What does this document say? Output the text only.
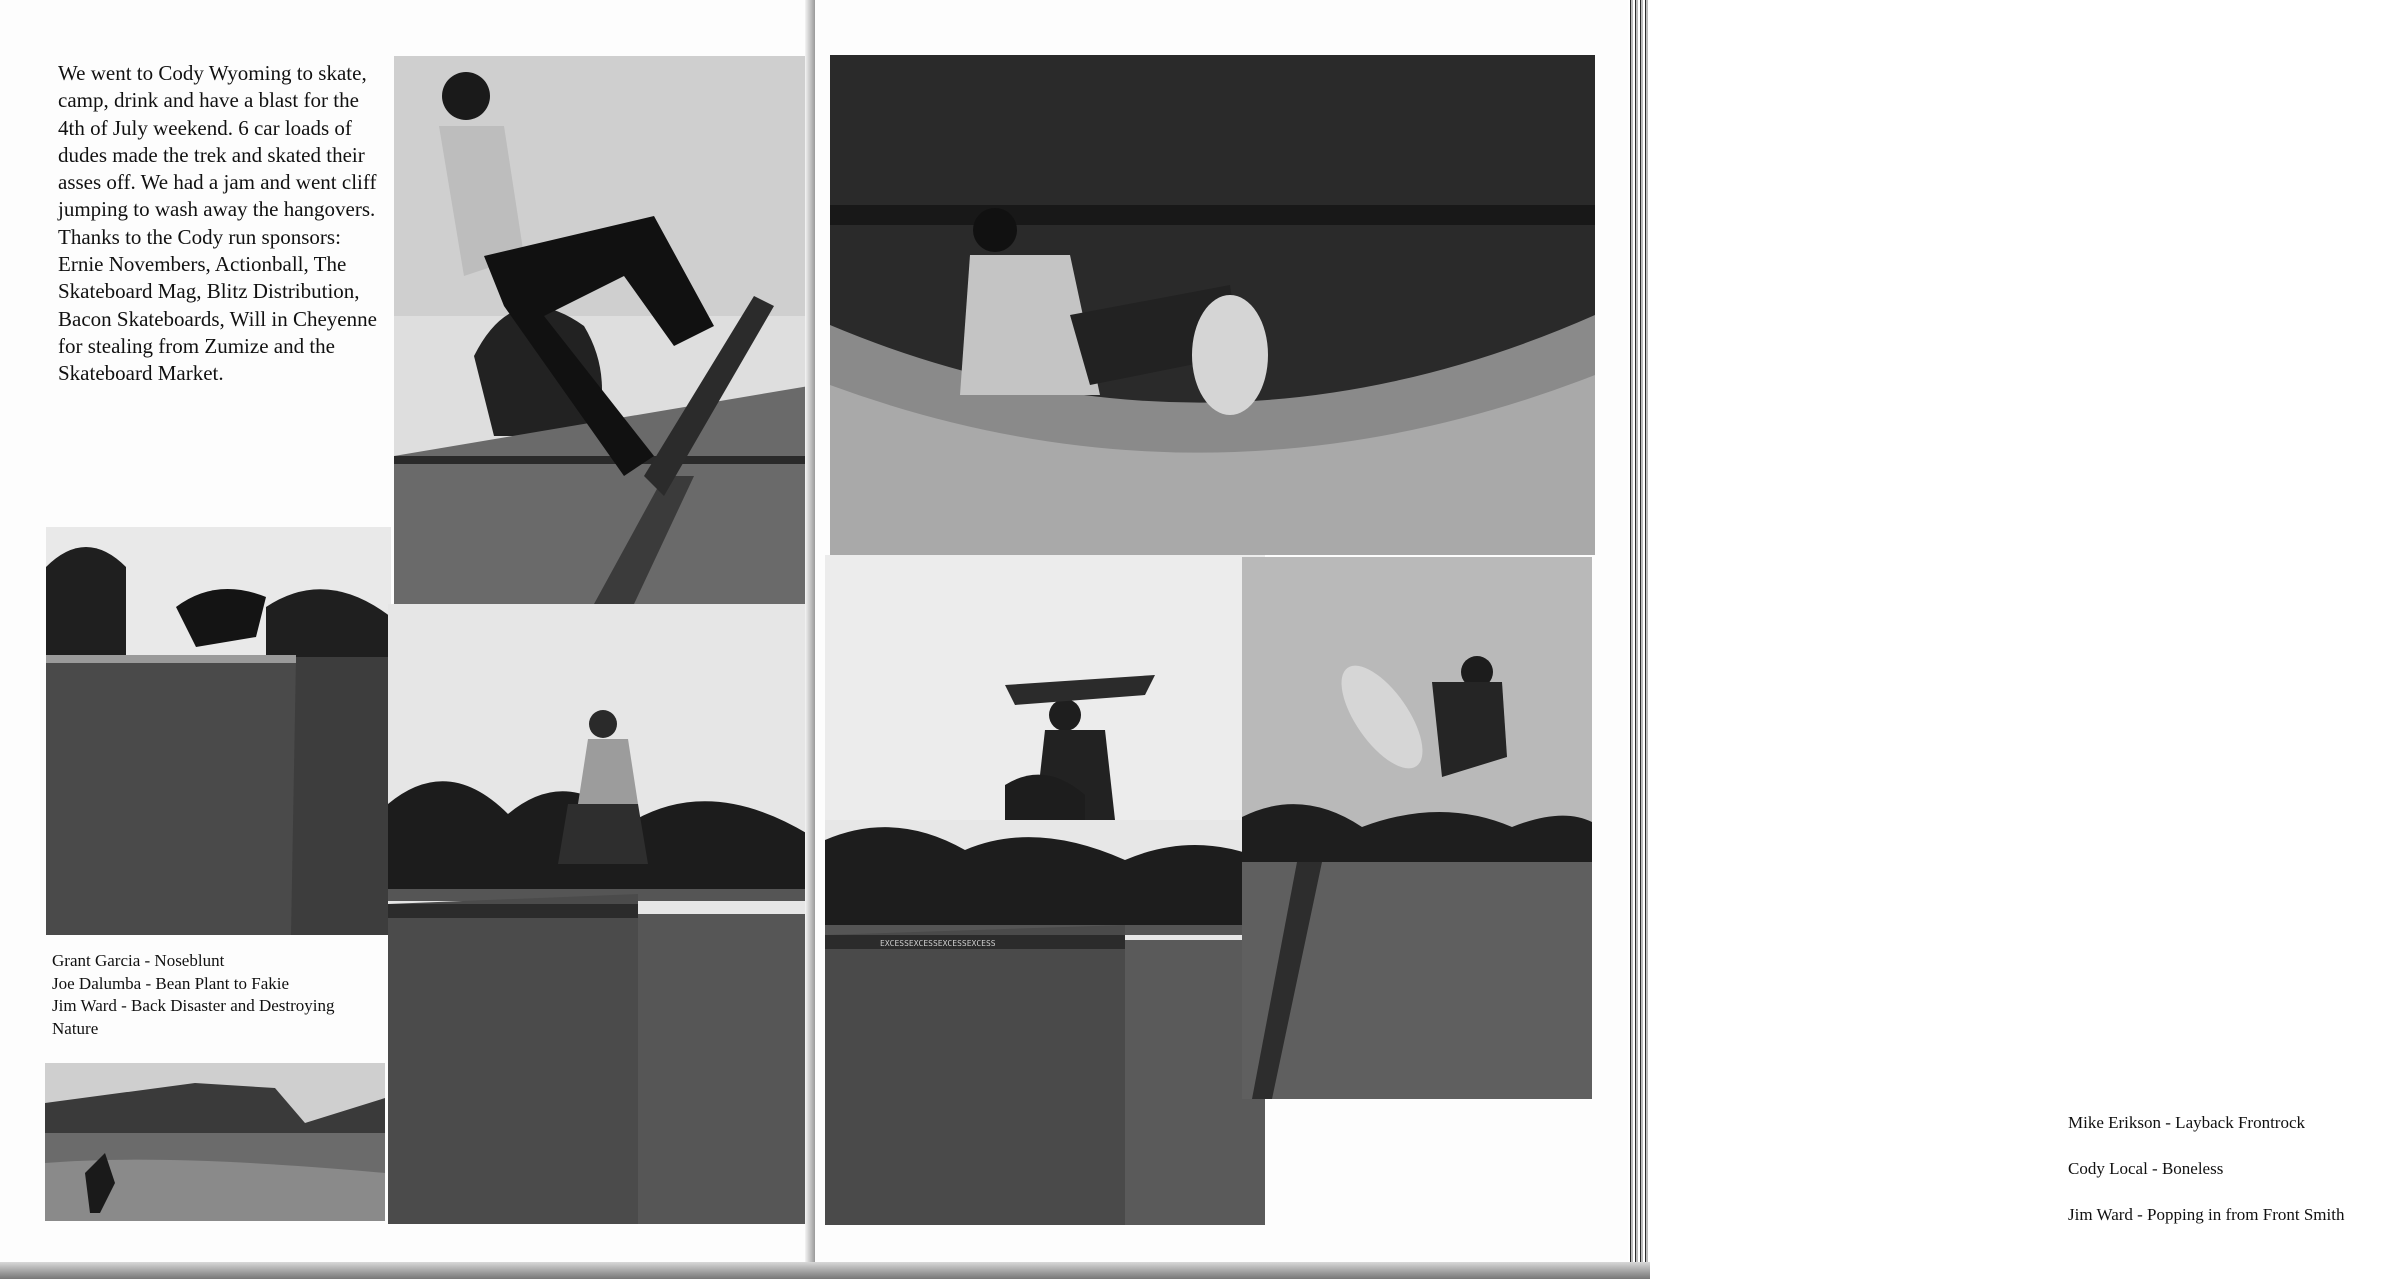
We went to Cody Wyoming to skate, camp, drink and have a blast for the 4th of July weekend. 6 car loads of dudes made the trek and skated their asses off. We had a jam and went cliff jumping to wash away the hangovers. Thanks to the Cody run sponsors: Ernie Novembers, Actionball, The Skateboard Mag, Blitz Distribution, Bacon Skateboards, Will in Cheyenne for stealing from Zumize and the Skateboard Market.

Grant Garcia - Noseblunt
Joe Dalumba - Bean Plant to Fakie
Jim Ward - Back Disaster and Destroying Nature
EXCESSEXCESSEXCESSEXCESS
Mike Erikson - Layback Frontrock
Cody Local - Boneless
Jim Ward - Popping in from Front Smith
